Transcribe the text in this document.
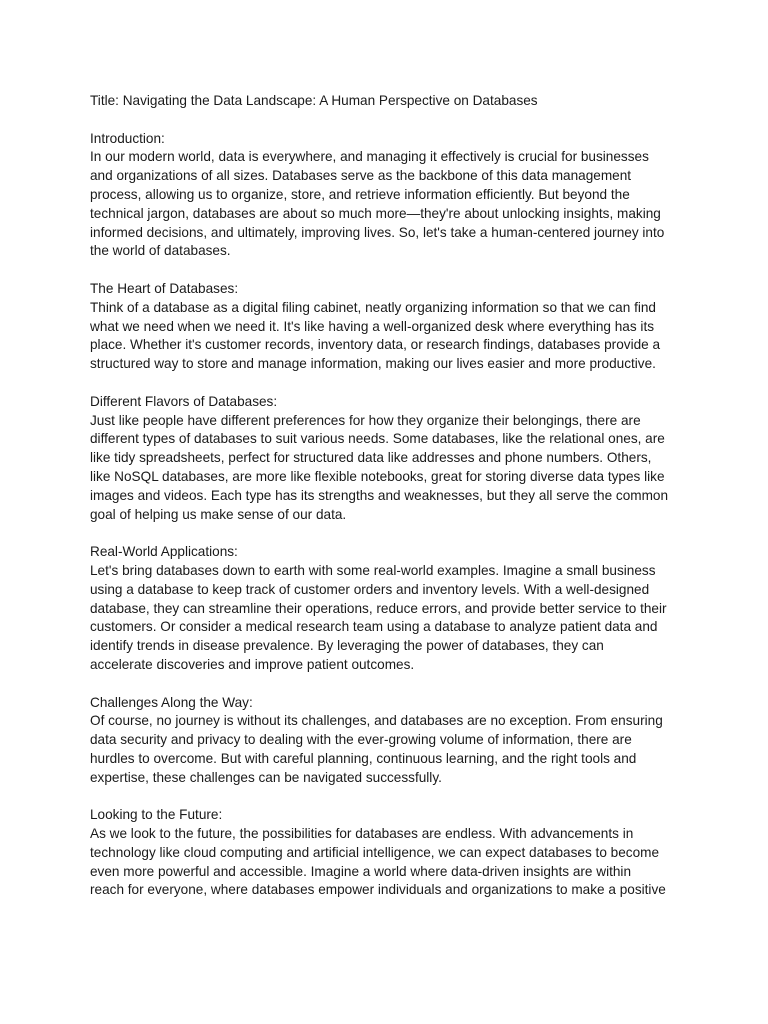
Title: Navigating the Data Landscape: A Human Perspective on Databases

Introduction:

In our modern world, data is everywhere, and managing it effectively is crucial for businesses
and organizations of all sizes. Databases serve as the backbone of this data management
process, allowing us to organize, store, and retrieve information efficiently. But beyond the
technical jargon, databases are about so much more—they're about unlocking insights, making
informed decisions, and ultimately, improving lives. So, let's take a human-centered journey into
the world of databases.

The Heart of Databases:

Think of a database as a digital filing cabinet, neatly organizing information so that we can find
what we need when we need it. It's like having a well-organized desk where everything has its
place. Whether it's customer records, inventory data, or research findings, databases provide a
structured way to store and manage information, making our lives easier and more productive.

Different Flavors of Databases:

Just like people have different preferences for how they organize their belongings, there are
different types of databases to suit various needs. Some databases, like the relational ones, are
like tidy spreadsheets, perfect for structured data like addresses and phone numbers. Others,
like NoSQL databases, are more like flexible notebooks, great for storing diverse data types like
images and videos. Each type has its strengths and weaknesses, but they all serve the common
goal of helping us make sense of our data.

Real-World Applications:

Let's bring databases down to earth with some real-world examples. Imagine a small business
using a database to keep track of customer orders and inventory levels. With a well-designed
database, they can streamline their operations, reduce errors, and provide better service to their
customers. Or consider a medical research team using a database to analyze patient data and
identify trends in disease prevalence. By leveraging the power of databases, they can
accelerate discoveries and improve patient outcomes.

Challenges Along the Way:

Of course, no journey is without its challenges, and databases are no exception. From ensuring
data security and privacy to dealing with the ever-growing volume of information, there are
hurdles to overcome. But with careful planning, continuous learning, and the right tools and
expertise, these challenges can be navigated successfully.

Looking to the Future:

As we look to the future, the possibilities for databases are endless. With advancements in
technology like cloud computing and artificial intelligence, we can expect databases to become
even more powerful and accessible. Imagine a world where data-driven insights are within
reach for everyone, where databases empower individuals and organizations to make a positive
